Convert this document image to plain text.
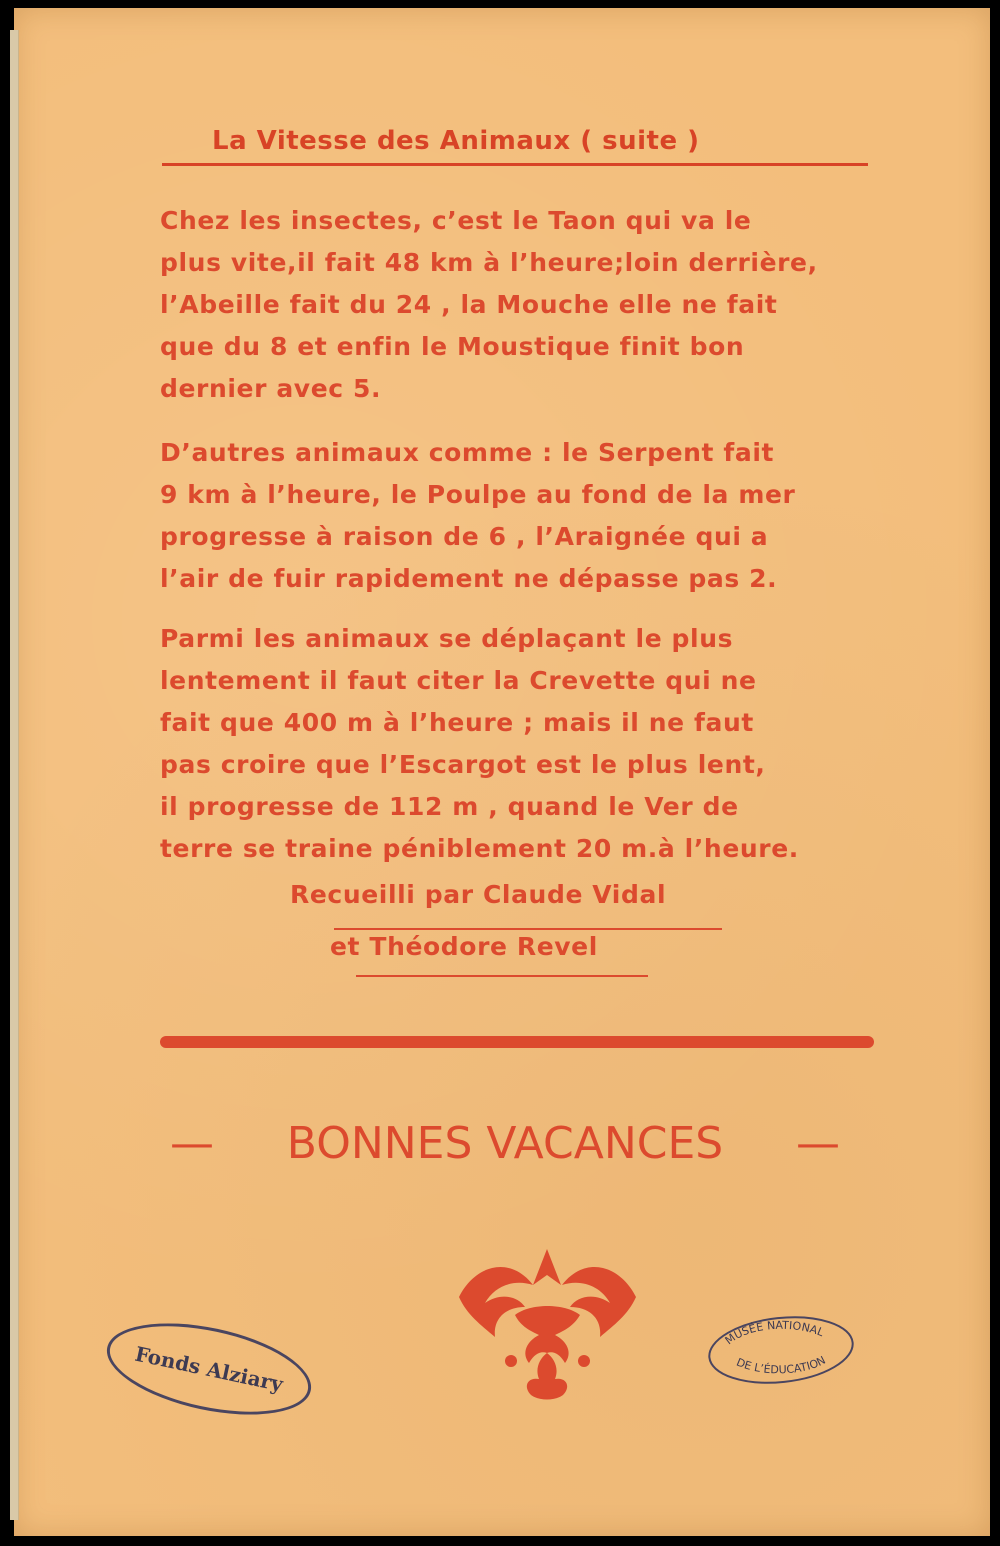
La Vitesse des Animaux ( suite )
Chez les insectes, c’est le Taon qui va le
plus vite,il fait 48 km à l’heure;loin derrière,
l’Abeille fait du 24 , la Mouche elle ne fait
que du 8 et enfin le Moustique finit bon
dernier avec 5.
D’autres animaux comme : le Serpent fait
9 km à l’heure, le Poulpe au fond de la mer
progresse à raison de 6 , l’Araignée qui a
l’air de fuir rapidement ne dépasse pas 2.
Parmi les animaux se déplaçant le plus
lentement il faut citer la Crevette qui ne
fait que 400 m à l’heure ; mais il ne faut
pas croire que l’Escargot est le plus lent,
il progresse de 112 m , quand le Ver de
terre se traine péniblement 20 m.à l’heure.
Recueilli par Claude Vidal
et Théodore Revel
— BONNES VACANCES —
Fonds Alziary
MUSÉE NATIONAL
DE L’ÉDUCATION
